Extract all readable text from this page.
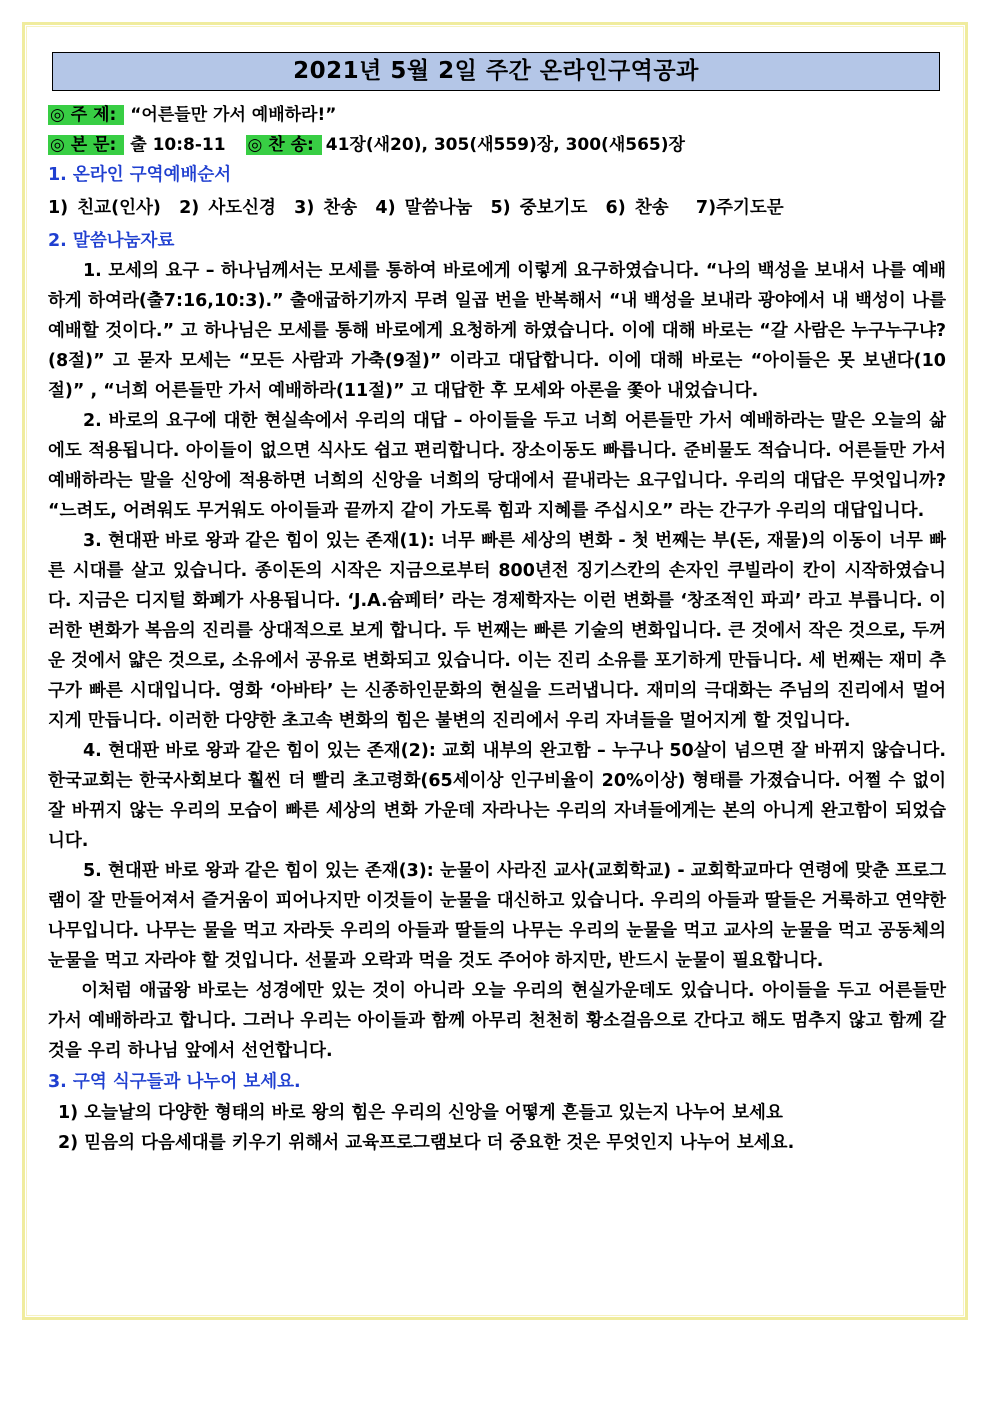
2021년 5월 2일 주간 온라인구역공과
◎ 주 제: “어른들만 가서 예배하라!”
◎ 본 문: 출 10:8-11 ◎ 찬 송: 41장(새20), 305(새559)장, 300(새565)장
1. 온라인 구역예배순서
1) 친교(인사)  2) 사도신경  3) 찬송  4) 말씀나눔  5) 중보기도  6) 찬송   7)주기도문
2. 말씀나눔자료

1. 모세의 요구 – 하나님께서는 모세를 통하여 바로에게 이렇게 요구하였습니다. “나의 백성을 보내서 나를 예배하게 하여라(출7:16,10:3).” 출애굽하기까지 무려 일곱 번을 반복해서 “내 백성을 보내라 광야에서 내 백성이 나를 예배할 것이다.” 고 하나님은 모세를 통해 바로에게 요청하게 하였습니다. 이에 대해 바로는 “갈 사람은 누구누구냐?(8절)” 고 묻자 모세는 “모든 사람과 가축(9절)” 이라고 대답합니다. 이에 대해 바로는 “아이들은 못 보낸다(10절)” , “너희 어른들만 가서 예배하라(11절)” 고 대답한 후 모세와 아론을 쫓아 내었습니다.

2. 바로의 요구에 대한 현실속에서 우리의 대답 – 아이들을 두고 너희 어른들만 가서 예배하라는 말은 오늘의 삶에도 적용됩니다. 아이들이 없으면 식사도 쉽고 편리합니다. 장소이동도 빠릅니다. 준비물도 적습니다. 어른들만 가서 예배하라는 말을 신앙에 적용하면 너희의 신앙을 너희의 당대에서 끝내라는 요구입니다. 우리의 대답은 무엇입니까? “느려도, 어려워도 무거워도 아이들과 끝까지 같이 가도록 힘과 지혜를 주십시오” 라는 간구가 우리의 대답입니다.

3. 현대판 바로 왕과 같은 힘이 있는 존재(1): 너무 빠른 세상의 변화 - 첫 번째는 부(돈, 재물)의 이동이 너무 빠른 시대를 살고 있습니다. 종이돈의 시작은 지금으로부터 800년전 징기스칸의 손자인 쿠빌라이 칸이 시작하였습니다. 지금은 디지털 화폐가 사용됩니다. ‘J.A.슘페터’ 라는 경제학자는 이런 변화를 ‘창조적인 파괴’ 라고 부릅니다. 이러한 변화가 복음의 진리를 상대적으로 보게 합니다. 두 번째는 빠른 기술의 변화입니다. 큰 것에서 작은 것으로, 두꺼운 것에서 얇은 것으로, 소유에서 공유로 변화되고 있습니다. 이는 진리 소유를 포기하게 만듭니다. 세 번째는 재미 추구가 빠른 시대입니다. 영화 ‘아바타’ 는 신종하인문화의 현실을 드러냅니다. 재미의 극대화는 주님의 진리에서 멀어지게 만듭니다. 이러한 다양한 초고속 변화의 힘은 불변의 진리에서 우리 자녀들을 멀어지게 할 것입니다.

4. 현대판 바로 왕과 같은 힘이 있는 존재(2): 교회 내부의 완고함 – 누구나 50살이 넘으면 잘 바뀌지 않습니다. 한국교회는 한국사회보다 훨씬 더 빨리 초고령화(65세이상 인구비율이 20%이상) 형태를 가졌습니다. 어쩔 수 없이 잘 바뀌지 않는 우리의 모습이 빠른 세상의 변화 가운데 자라나는 우리의 자녀들에게는 본의 아니게 완고함이 되었습니다.

5. 현대판 바로 왕과 같은 힘이 있는 존재(3): 눈물이 사라진 교사(교회학교) - 교회학교마다 연령에 맞춘 프로그램이 잘 만들어져서 즐거움이 피어나지만 이것들이 눈물을 대신하고 있습니다. 우리의 아들과 딸들은 거룩하고 연약한 나무입니다. 나무는 물을 먹고 자라듯 우리의 아들과 딸들의 나무는 우리의 눈물을 먹고 교사의 눈물을 먹고 공동체의 눈물을 먹고 자라야 할 것입니다. 선물과 오락과 먹을 것도 주어야 하지만, 반드시 눈물이 필요합니다.

이처럼 애굽왕 바로는 성경에만 있는 것이 아니라 오늘 우리의 현실가운데도 있습니다. 아이들을 두고 어른들만 가서 예배하라고 합니다. 그러나 우리는 아이들과 함께 아무리 천천히 황소걸음으로 간다고 해도 멈추지 않고 함께 갈 것을 우리 하나님 앞에서 선언합니다.

3. 구역 식구들과 나누어 보세요.
1) 오늘날의 다양한 형태의 바로 왕의 힘은 우리의 신앙을 어떻게 흔들고 있는지 나누어 보세요
2) 믿음의 다음세대를 키우기 위해서 교육프로그램보다 더 중요한 것은 무엇인지 나누어 보세요.
